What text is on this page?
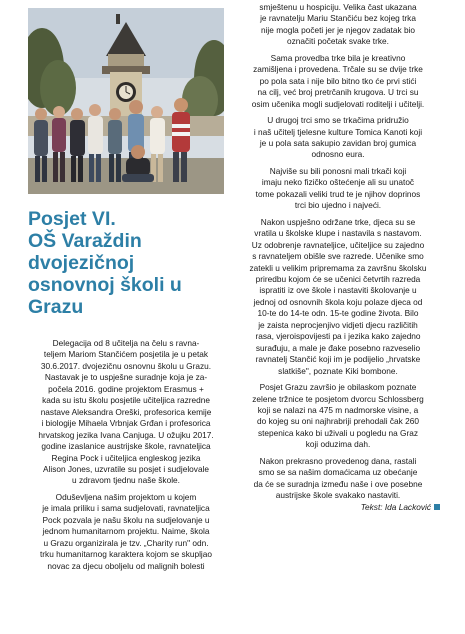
Posjet VI.
OŠ Varaždin
dvojezičnoj
osnovnoj školi u
Grazu

Delegacija od 8 učitelja na čelu s ravna-
teljem Mariom Stančićem posjetila je u petak
30.6.2017. dvojezičnu osnovnu školu u Grazu.
Nastavak je to uspješne suradnje koja je za-
počela 2016. godine projektom Erasmus +
kada su istu školu posjetile učiteljica razredne
nastave Aleksandra Oreški, profesorica kemije
i biologije Mihaela Vrbnjak Grđan i profesorica
hrvatskog jezika Ivana Canjuga. U ožujku 2017.
godine izaslanice austrijske škole, ravnateljica
Regina Pock i učiteljica engleskog jezika
Alison Jones, uzvratile su posjet i sudjelovale
u zdravom tjednu naše škole.

Oduševljena našim projektom u kojem
je imala priliku i sama sudjelovati, ravnateljica
Pock pozvala je našu školu na sudjelovanje u
jednom humanitarnom projektu. Naime, škola
u Grazu organizirala je tzv. „Charity run" odn.
trku humanitarnog karaktera kojom se skupljao
novac za djecu oboljelu od malignih bolesti

smještenu u hospiciju. Velika čast ukazana
je ravnatelju Mariu Stančiću bez kojeg trka
nije mogla početi jer je njegov zadatak bio
označiti početak svake trke.

Sama provedba trke bila je kreativno
zamišljena i provedena. Trčale su se dvije trke
po pola sata i nije bilo bitno tko će prvi stići
na cilj, već broj pretrčanih krugova. U trci su
osim učenika mogli sudjelovati roditelji i učitelji.

U drugoj trci smo se trkačima pridružio
i naš učitelj tjelesne kulture Tomica Kanoti koji
je u pola sata sakupio zavidan broj gumica
odnosno eura.

Najviše su bili ponosni mali trkači koji
imaju neko fizičko oštećenje ali su unatoč
tome pokazali veliki trud te je njihov doprinos
trci bio ujedno i najveći.

Nakon uspješno održane trke, djeca su se
vratila u školske klupe i nastavila s nastavom.
Uz odobrenje ravnateljice, učiteljice su zajedno
s ravnateljem obišle sve razrede. Učenike smo
zatekli u velikim pripremama za završnu školsku
priredbu kojom će se učenici četvrtih razreda
ispratiti iz ove škole i nastaviti školovanje u
jednoj od osnovnih škola koju polaze djeca od
10-te do 14-te odn. 15-te godine života. Bilo
je zaista neprocjenjivo vidjeti djecu različitih
rasa, vjeroispovijesti pa i jezika kako zajedno
surađuju, a male je đake posebno razveselio
ravnatelj Stančić koji im je podijelio „hrvatske
slatkiše", poznate Kiki bombone.

Posjet Grazu završio je obilaskom poznate
zelene tržnice te posjetom dvorcu Schlossberg
koji se nalazi na 475 m nadmorske visine, a
do kojeg su oni najhrabriji prehodali čak 260
stepenica kako bi uživali u pogledu na Graz
koji oduzima dah.

Nakon prekrasno provedenog dana, rastali
smo se sa našim domaćicama uz obećanje
da će se suradnja između naše i ove posebne
austrijske škole svakako nastaviti.

Tekst: Ida Lacković
